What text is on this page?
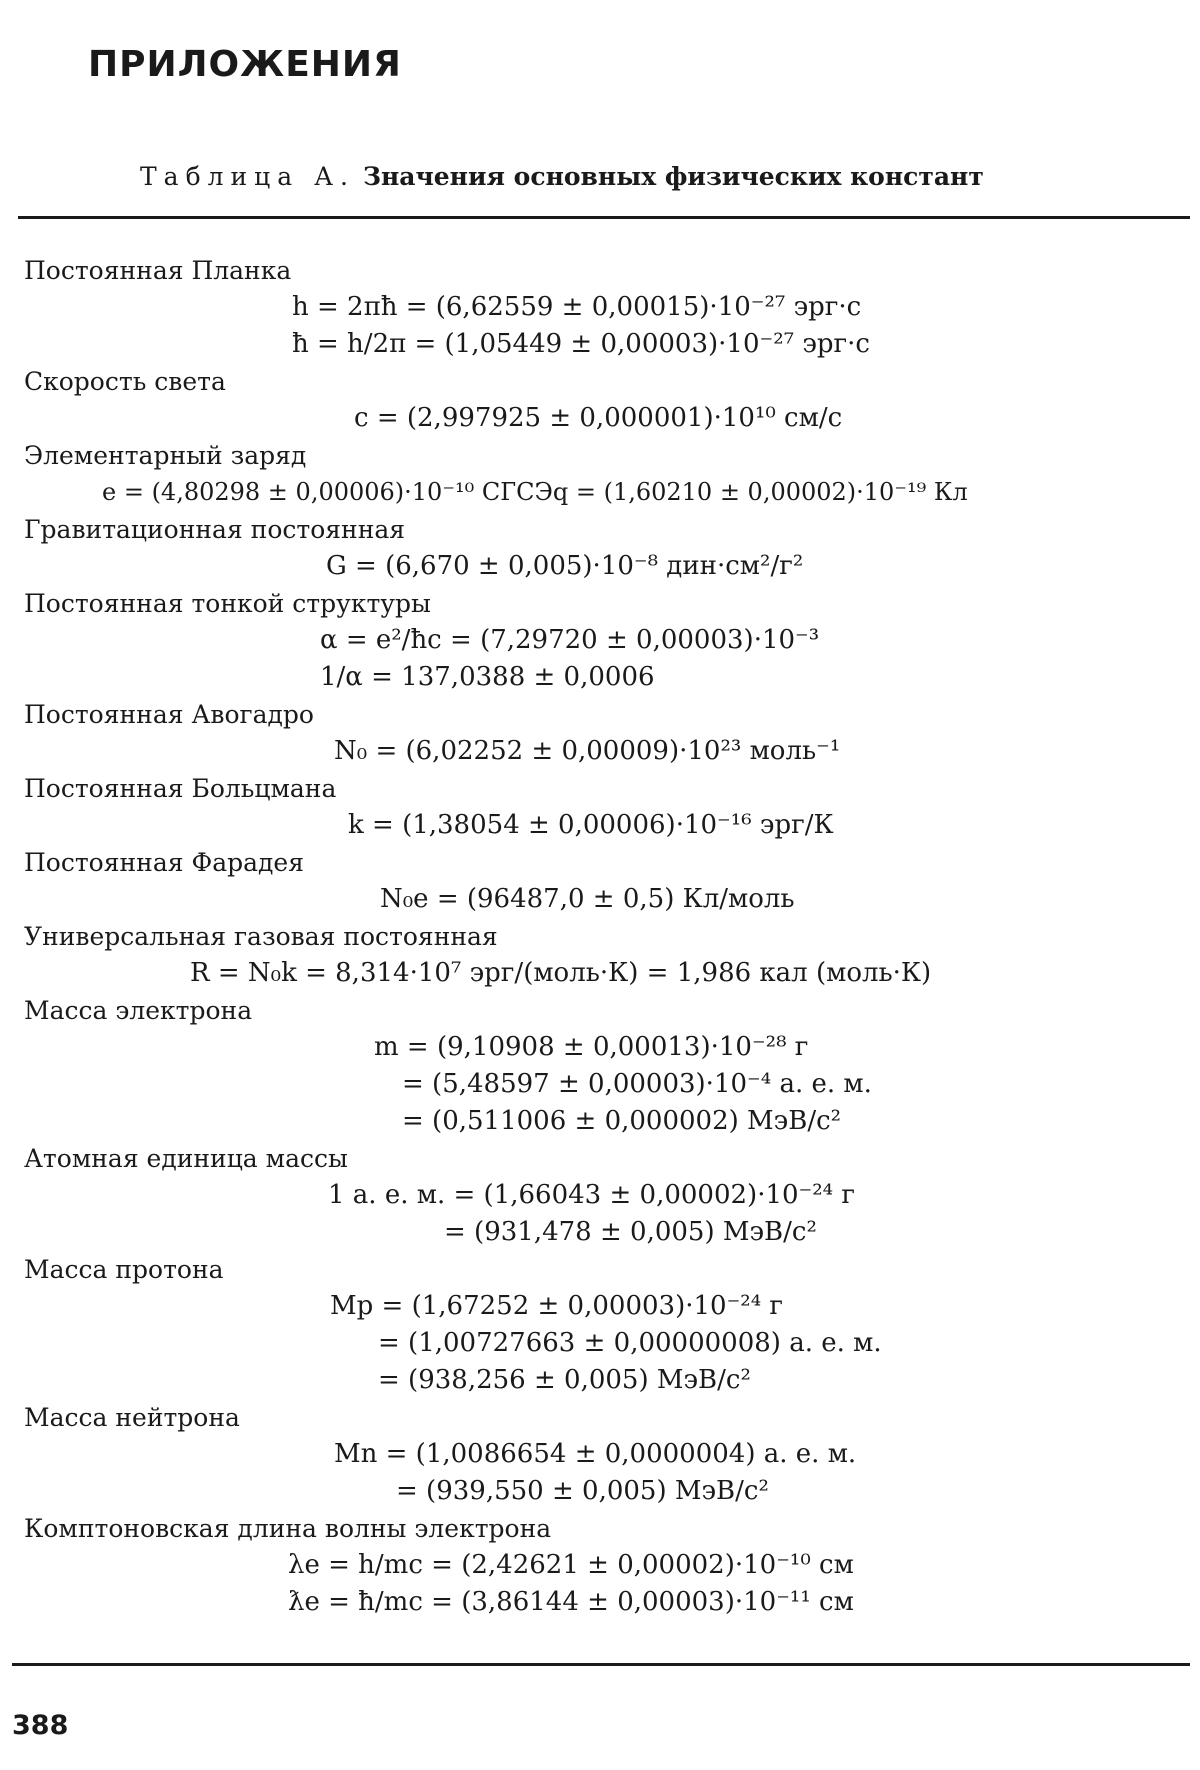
ПРИЛОЖЕНИЯ
Таблица А. Значения основных физических констант
Постоянная Планка
h = 2πħ = (6,62559 ± 0,00015)·10⁻²⁷ эрг·с
ħ = h/2π = (1,05449 ± 0,00003)·10⁻²⁷ эрг·с
Скорость света
c = (2,997925 ± 0,000001)·10¹⁰ см/с
Элементарный заряд
e = (4,80298 ± 0,00006)·10⁻¹⁰ СГСЭq = (1,60210 ± 0,00002)·10⁻¹⁹ Кл
Гравитационная постоянная
G = (6,670 ± 0,005)·10⁻⁸ дин·см²/г²
Постоянная тонкой структуры
α = e²/ħc = (7,29720 ± 0,00003)·10⁻³
1/α = 137,0388 ± 0,0006
Постоянная Авогадро
N₀ = (6,02252 ± 0,00009)·10²³ моль⁻¹
Постоянная Больцмана
k = (1,38054 ± 0,00006)·10⁻¹⁶ эрг/К
Постоянная Фарадея
N₀e = (96487,0 ± 0,5) Кл/моль
Универсальная газовая постоянная
R = N₀k = 8,314·10⁷ эрг/(моль·К) = 1,986 кал (моль·К)
Масса электрона
m = (9,10908 ± 0,00013)·10⁻²⁸ г
= (5,48597 ± 0,00003)·10⁻⁴ а. е. м.
= (0,511006 ± 0,000002) МэВ/c²
Атомная единица массы
1 а. е. м. = (1,66043 ± 0,00002)·10⁻²⁴ г
= (931,478 ± 0,005) МэВ/c²
Масса протона
Mp = (1,67252 ± 0,00003)·10⁻²⁴ г
= (1,00727663 ± 0,00000008) а. е. м.
= (938,256 ± 0,005) МэВ/c²
Масса нейтрона
Mn = (1,0086654 ± 0,0000004) а. е. м.
= (939,550 ± 0,005) МэВ/c²
Комптоновская длина волны электрона
λe = h/mc = (2,42621 ± 0,00002)·10⁻¹⁰ см
ƛe = ħ/mc = (3,86144 ± 0,00003)·10⁻¹¹ см
388
